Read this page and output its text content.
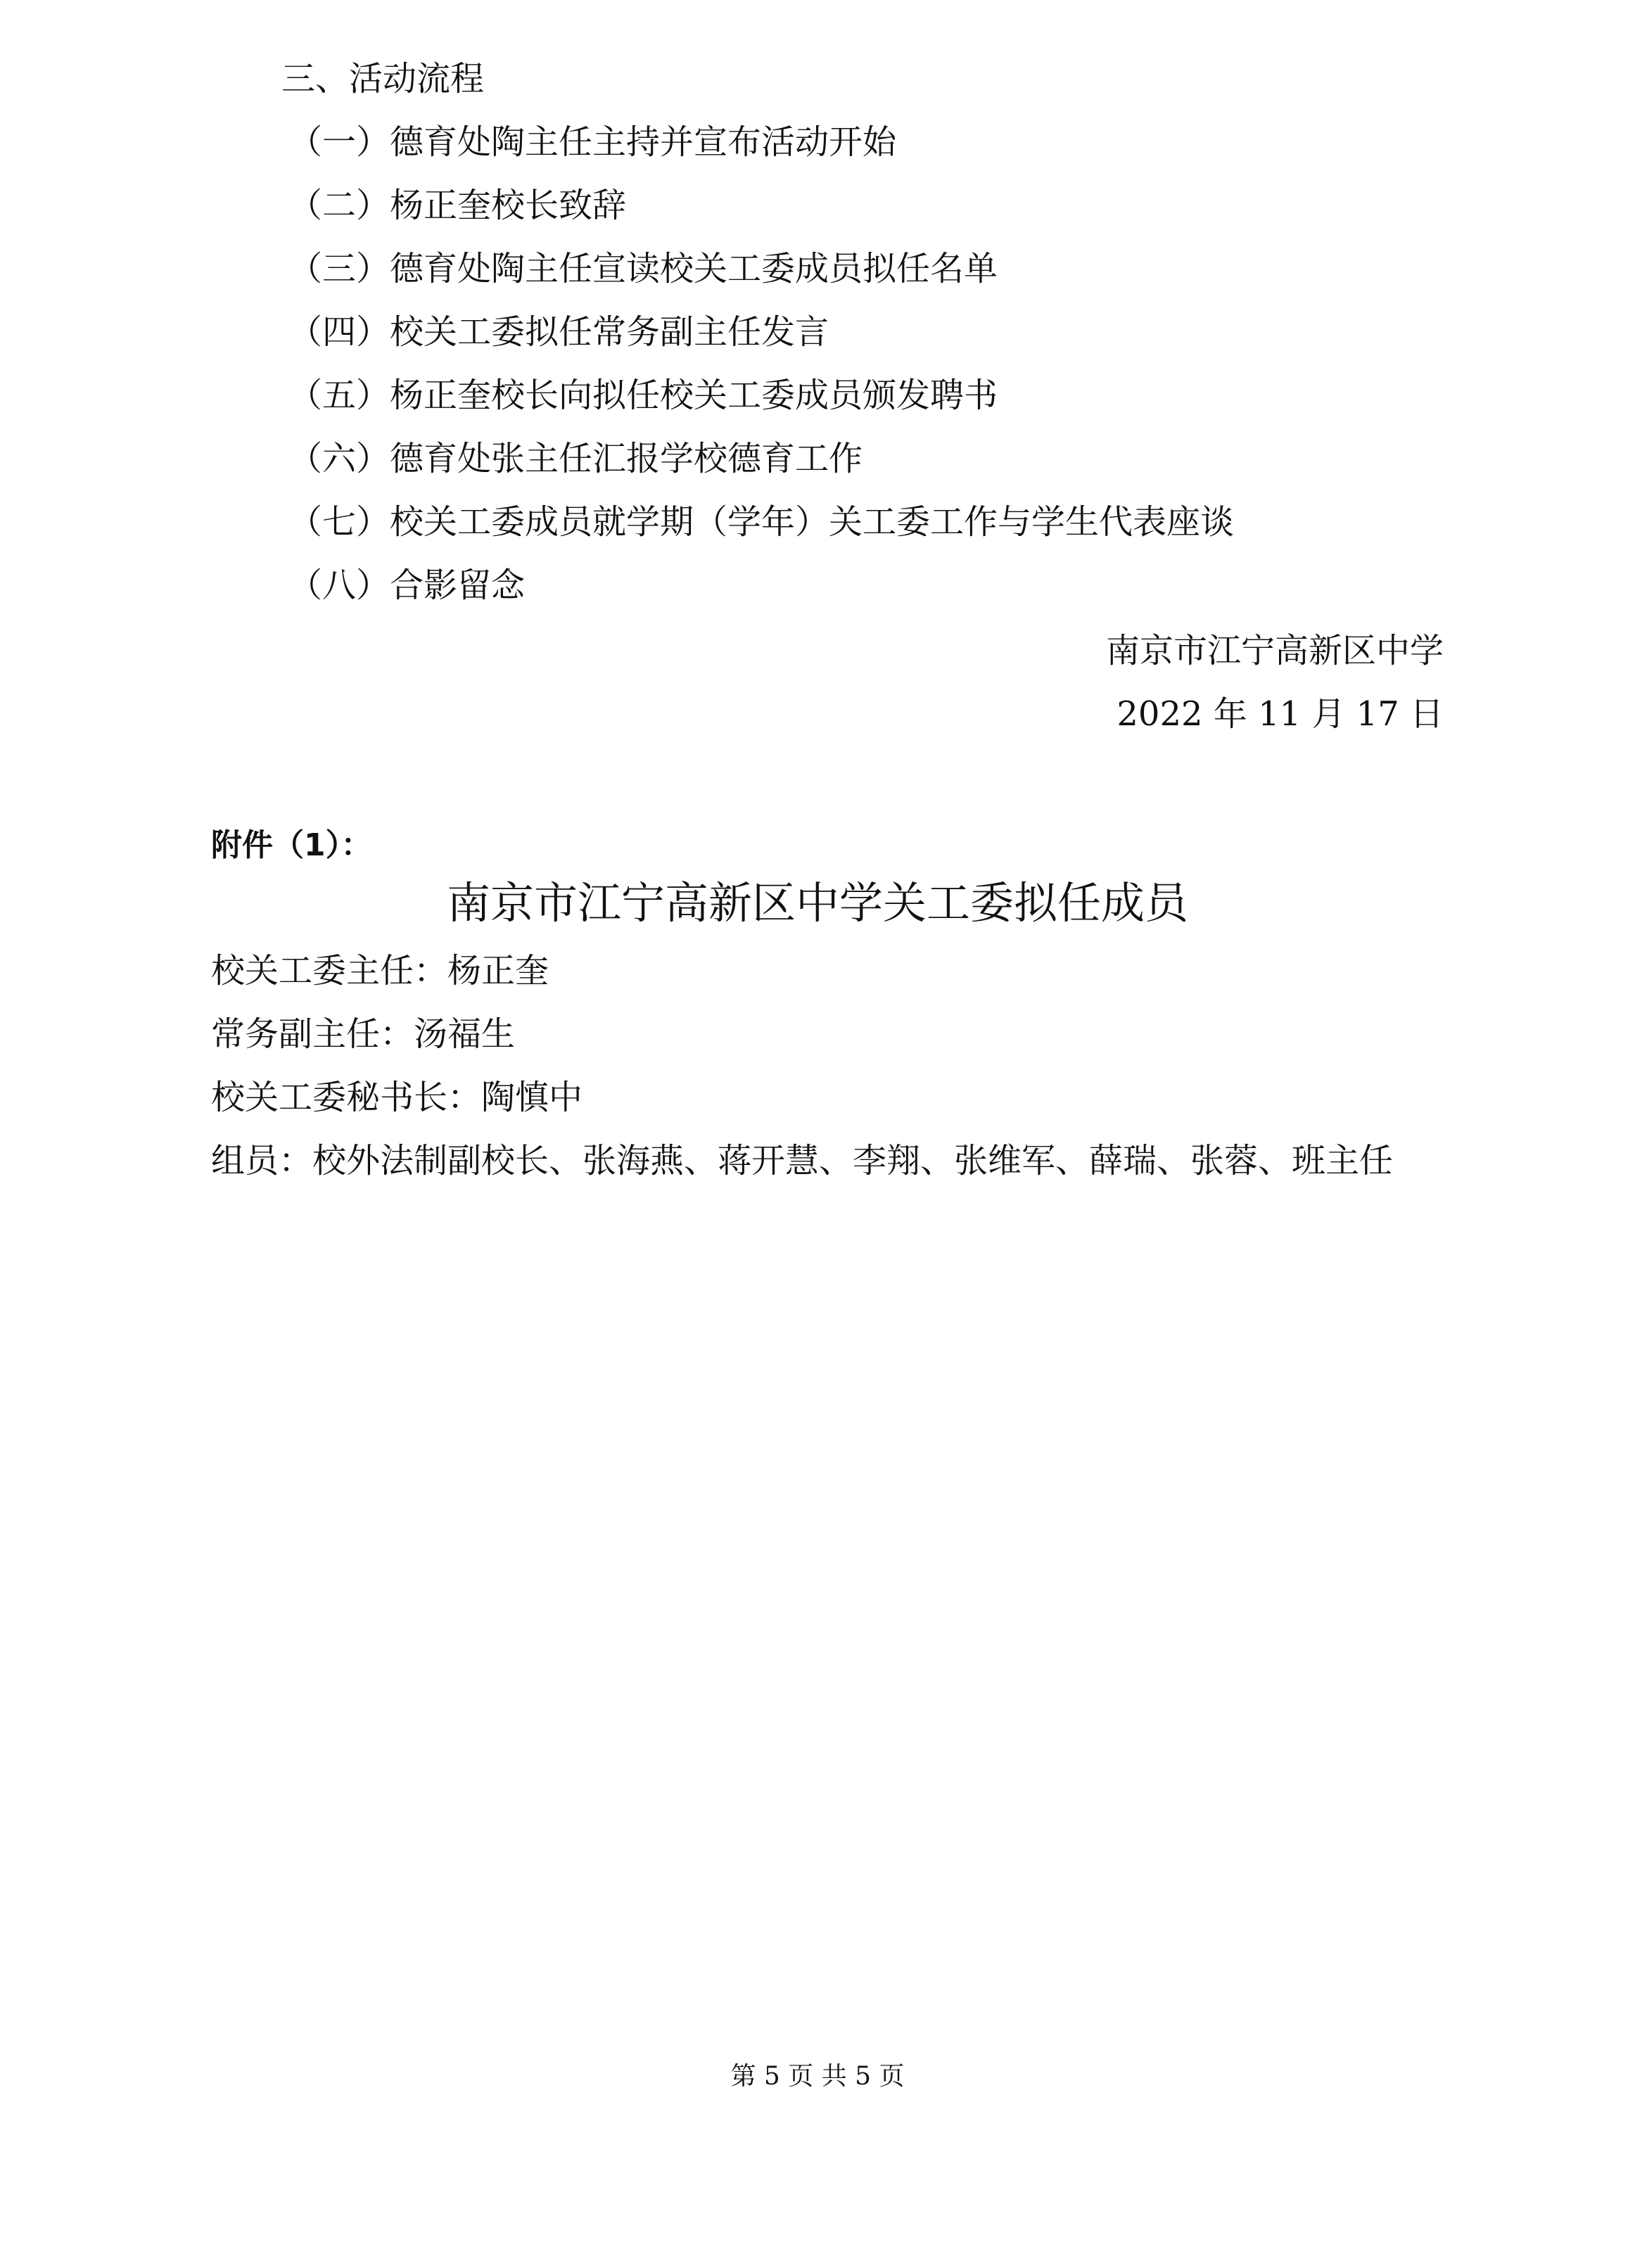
三、活动流程
（一）德育处陶主任主持并宣布活动开始
（二）杨正奎校长致辞
（三）德育处陶主任宣读校关工委成员拟任名单
（四）校关工委拟任常务副主任发言
（五）杨正奎校长向拟任校关工委成员颁发聘书
（六）德育处张主任汇报学校德育工作
（七）校关工委成员就学期（学年）关工委工作与学生代表座谈
（八）合影留念
南京市江宁高新区中学
2022 年 11 月 17 日
附件（1）：
南京市江宁高新区中学关工委拟任成员
校关工委主任：杨正奎
常务副主任：汤福生
校关工委秘书长：陶慎中
组员：校外法制副校长、张海燕、蒋开慧、李翔、张维军、薛瑞、张蓉、班主任
第 5 页 共 5 页
